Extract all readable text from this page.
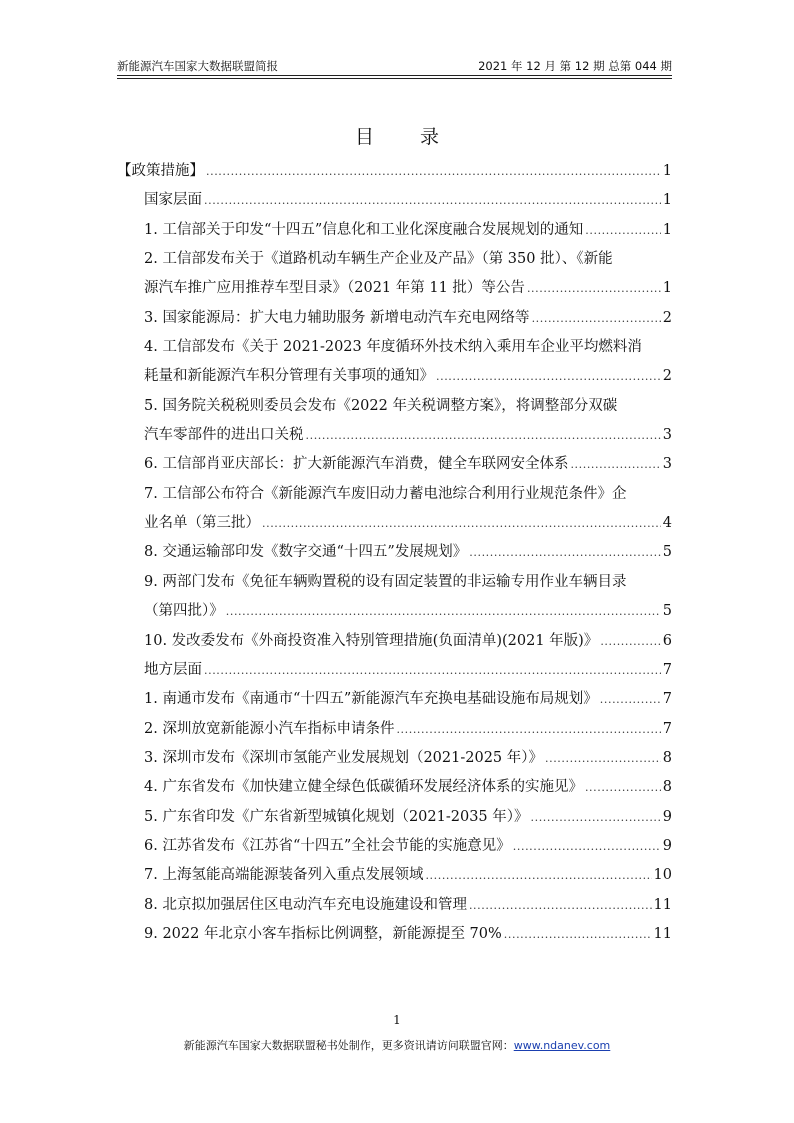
新能源汽车国家大数据联盟简报	2021 年 12 月 第 12 期 总第 044 期
目录
【政策措施】 .....	1
国家层面 .....	1
1. 工信部关于印发“十四五”信息化和工业化深度融合发展规划的通知 .....	1
2. 工信部发布关于《道路机动车辆生产企业及产品》（第 350 批）、《新能
源汽车推广应用推荐车型目录》（2021 年第 11 批）等公告 .....	1
3. 国家能源局：扩大电力辅助服务 新增电动汽车充电网络等 .....	2
4. 工信部发布《关于 2021-2023 年度循环外技术纳入乘用车企业平均燃料消
耗量和新能源汽车积分管理有关事项的通知》 .....	2
5. 国务院关税税则委员会发布《2022 年关税调整方案》，将调整部分双碳
汽车零部件的进出口关税 .....	3
6. 工信部肖亚庆部长：扩大新能源汽车消费，健全车联网安全体系 .....	3
7. 工信部公布符合《新能源汽车废旧动力蓄电池综合利用行业规范条件》企
业名单（第三批） .....	4
8. 交通运输部印发《数字交通“十四五”发展规划》 .....	5
9. 两部门发布《免征车辆购置税的设有固定装置的非运输专用作业车辆目录
（第四批）》 .....	5
10. 发改委发布《外商投资准入特别管理措施(负面清单)(2021 年版)》 .....	6
地方层面 .....	7
1. 南通市发布《南通市“十四五”新能源汽车充换电基础设施布局规划》 .....	7
2. 深圳放宽新能源小汽车指标申请条件 .....	7
3. 深圳市发布《深圳市氢能产业发展规划（2021-2025 年）》 .....	8
4. 广东省发布《加快建立健全绿色低碳循环发展经济体系的实施见》 .....	8
5. 广东省印发《广东省新型城镇化规划（2021-2035 年）》 .....	9
6. 江苏省发布《江苏省“十四五”全社会节能的实施意见》 .....	9
7. 上海氢能高端能源装备列入重点发展领域 .....	10
8. 北京拟加强居住区电动汽车充电设施建设和管理 .....	11
9. 2022 年北京小客车指标比例调整，新能源提至 70% .....	11
1
新能源汽车国家大数据联盟秘书处制作，更多资讯请访问联盟官网：www.ndanev.com
